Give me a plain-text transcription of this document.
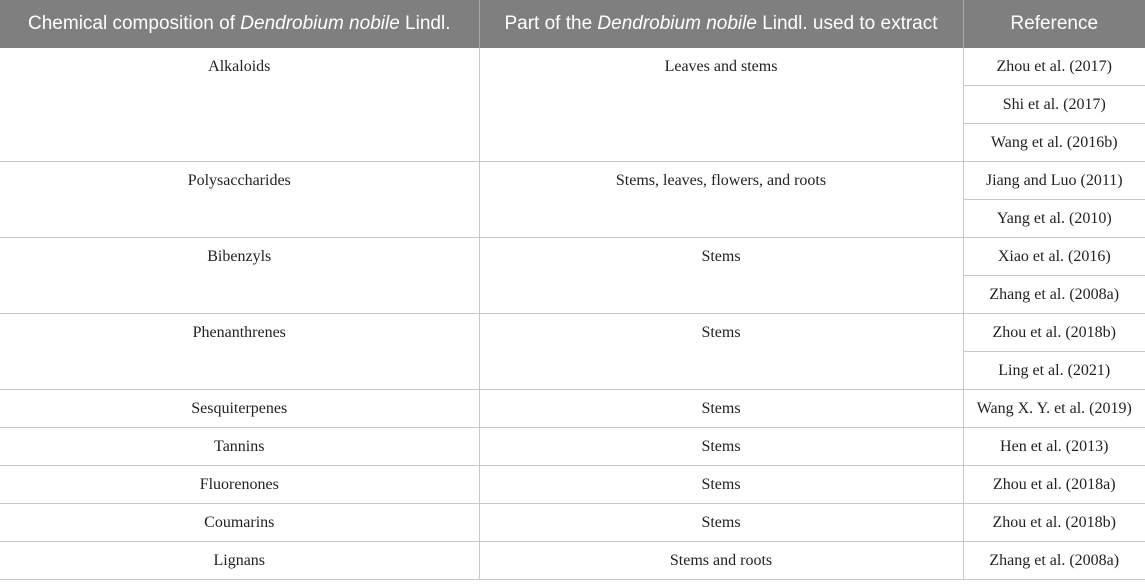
Chemical composition of Dendrobium nobile Lindl.	Part of the Dendrobium nobile Lindl. used to extract	Reference
Alkaloids	Leaves and stems	Zhou et al. (2017)
		Shi et al. (2017)
		Wang et al. (2016b)
Polysaccharides	Stems, leaves, flowers, and roots	Jiang and Luo (2011)
		Yang et al. (2010)
Bibenzyls	Stems	Xiao et al. (2016)
		Zhang et al. (2008a)
Phenanthrenes	Stems	Zhou et al. (2018b)
		Ling et al. (2021)
Sesquiterpenes	Stems	Wang X. Y. et al. (2019)
Tannins	Stems	Hen et al. (2013)
Fluorenones	Stems	Zhou et al. (2018a)
Coumarins	Stems	Zhou et al. (2018b)
Lignans	Stems and roots	Zhang et al. (2008a)
